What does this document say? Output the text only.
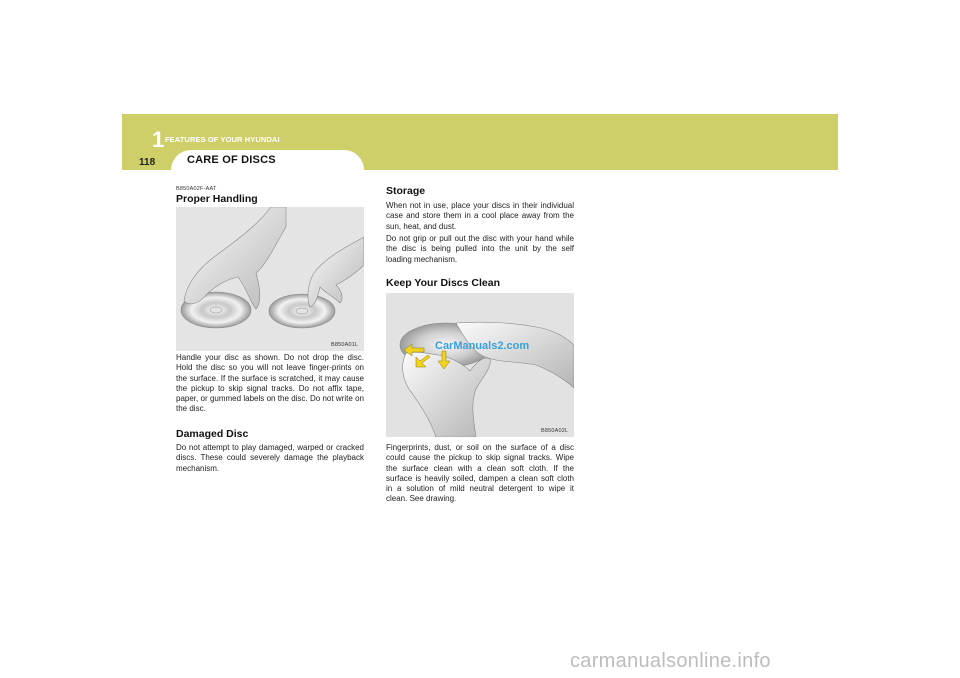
1 FEATURES OF YOUR HYUNDAI
118	CARE OF DISCS
B850A02F-AAT
Proper Handling
B850A01L

Handle your disc as shown. Do not drop the disc. Hold the disc so you will not leave finger-prints on the surface. If the surface is scratched, it may cause the pickup to skip signal tracks. Do not affix tape, paper, or gummed labels on the disc. Do not write on the disc.

Damaged Disc

Do not attempt to play damaged, warped or cracked discs. These could severely damage the playback mechanism.

Storage

When not in use, place your discs in their individual case and store them in a cool place away from the sun, heat, and dust.

Do not grip or pull out the disc with your hand while the disc is being pulled into the unit by the self loading mechanism.

Keep Your Discs Clean
CarManuals2.com
B850A02L

Fingerprints, dust, or soil on the surface of a disc could cause the pickup to skip signal tracks. Wipe the surface clean with a clean soft cloth. If the surface is heavily soiled, dampen a clean soft cloth in a solution of mild neutral detergent to wipe it clean. See drawing.

carmanualsonline.info
